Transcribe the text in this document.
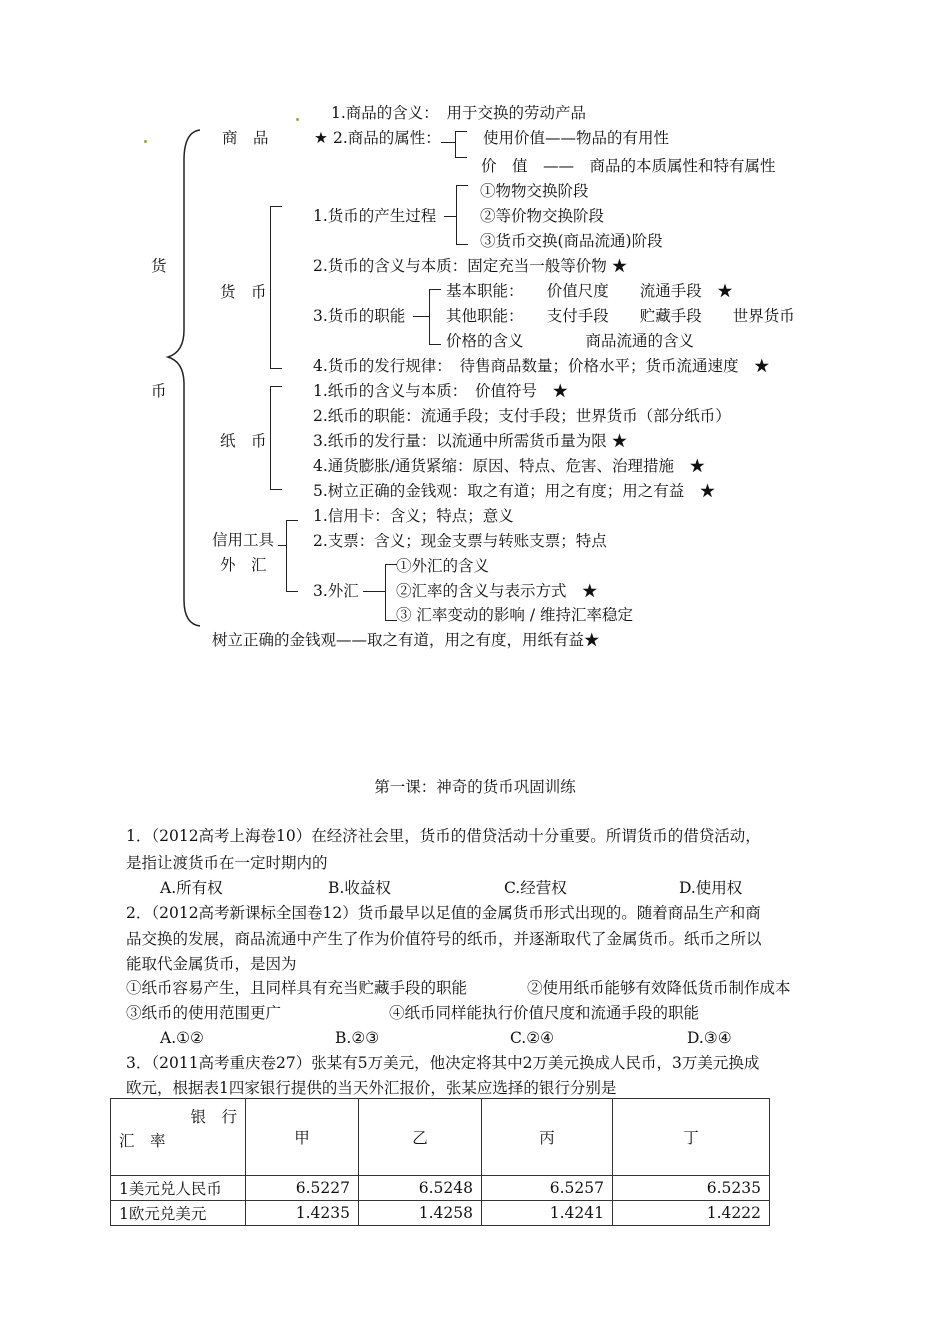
货
币
商　品	★
1.商品的含义：　用于交换的劳动产品
2.商品的属性：	使用价值——物品的有用性
价　值　——　商品的本质属性和特有属性
货　币
1.货币的产生过程
①物物交换阶段
②等价物交换阶段
③货币交换(商品流通)阶段
2.货币的含义与本质：固定充当一般等价物 ★
3.货币的职能
基本职能：　　价值尺度　　流通手段　★
其他职能：　　支付手段　　贮藏手段　　世界货币
价格的含义　　　　商品流通的含义
4.货币的发行规律：　待售商品数量；价格水平；货币流通速度　★
纸　币
1.纸币的含义与本质：　价值符号　★
2.纸币的职能：流通手段；支付手段；世界货币（部分纸币）
3.纸币的发行量：以流通中所需货币量为限 ★
4.通货膨胀/通货紧缩：原因、特点、危害、治理措施　★
5.树立正确的金钱观：取之有道；用之有度；用之有益　★
信用工具
外　汇
1.信用卡：含义；特点；意义
2.支票：含义；现金支票与转账支票；特点
3.外汇
①外汇的含义
②汇率的含义与表示方式　★
③ 汇率变动的影响 / 维持汇率稳定
树立正确的金钱观——取之有道，用之有度，用纸有益★
第一课：神奇的货币巩固训练
1．（2012高考上海卷10）在经济社会里，货币的借贷活动十分重要。所谓货币的借贷活动，
是指让渡货币在一定时期内的
A.所有权	B.收益权	C.经营权	D.使用权
2．（2012高考新课标全国卷12）货币最早以足值的金属货币形式出现的。随着商品生产和商
品交换的发展，商品流通中产生了作为价值符号的纸币，并逐渐取代了金属货币。纸币之所以
能取代金属货币，是因为
①纸币容易产生，且同样具有充当贮藏手段的职能	②使用纸币能够有效降低货币制作成本
③纸币的使用范围更广	④纸币同样能执行价值尺度和流通手段的职能
A.①②	B.②③	C.②④	D.③④
3．（2011高考重庆卷27）张某有5万美元，他决定将其中2万美元换成人民币，3万美元换成
欧元，根据表1四家银行提供的当天外汇报价，张某应选择的银行分别是
银　行
汇　率	甲	乙	丙	丁
1美元兑人民币	6.5227	6.5248	6.5257	6.5235
1欧元兑美元	1.4235	1.4258	1.4241	1.4222
